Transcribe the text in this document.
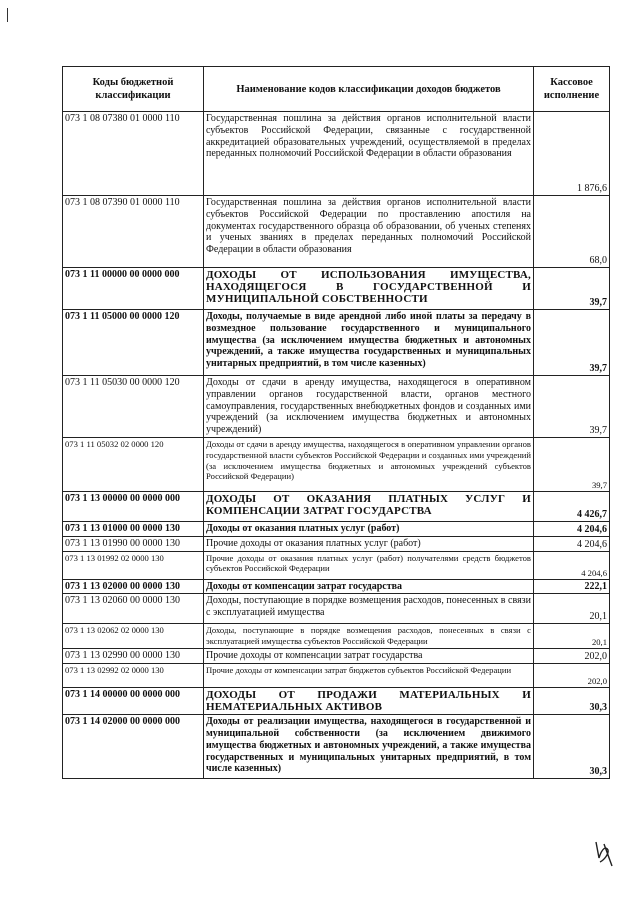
Коды бюджетной классификации	Наименование кодов классификации доходов бюджетов	Кассовое исполнение
073 1 08 07380 01 0000 110	Государственная пошлина за действия органов исполнительной власти субъектов Российской Федерации, связанные с государственной аккредитацией образовательных учреждений, осуществляемой в пределах переданных полномочий Российской Федерации в области образования	1 876,6
073 1 08 07390 01 0000 110	Государственная пошлина за действия органов исполнительной власти субъектов Российской Федерации по проставлению апостиля на документах государственного образца об образовании, об ученых степенях и ученых званиях в пределах переданных полномочий Российской Федерации в области образования	68,0
073 1 11 00000 00 0000 000	ДОХОДЫ ОТ ИСПОЛЬЗОВАНИЯ ИМУЩЕСТВА, НАХОДЯЩЕГОСЯ В ГОСУДАРСТВЕННОЙ И МУНИЦИПАЛЬНОЙ СОБСТВЕННОСТИ	39,7
073 1 11 05000 00 0000 120	Доходы, получаемые в виде арендной либо иной платы за передачу в возмездное пользование государственного и муниципального имущества (за исключением имущества бюджетных и автономных учреждений, а также имущества государственных и муниципальных унитарных предприятий, в том числе казенных)	39,7
073 1 11 05030 00 0000 120	Доходы от сдачи в аренду имущества, находящегося в оперативном управлении органов государственной власти, органов местного самоуправления, государственных внебюджетных фондов и созданных ими учреждений (за исключением имущества бюджетных и автономных учреждений)	39,7
073 1 11 05032 02 0000 120	Доходы от сдачи в аренду имущества, находящегося в оперативном управлении органов государственной власти субъектов Российской Федерации и созданных ими учреждений (за исключением имущества бюджетных и автономных учреждений субъектов Российской Федерации)	39,7
073 1 13 00000 00 0000 000	ДОХОДЫ ОТ ОКАЗАНИЯ ПЛАТНЫХ УСЛУГ И КОМПЕНСАЦИИ ЗАТРАТ ГОСУДАРСТВА	4 426,7
073 1 13 01000 00 0000 130	Доходы от оказания платных услуг (работ)	4 204,6
073 1 13 01990 00 0000 130	Прочие доходы от оказания платных услуг (работ)	4 204,6
073 1 13 01992 02 0000 130	Прочие доходы от оказания платных услуг (работ) получателями средств бюджетов субъектов Российской Федерации	4 204,6
073 1 13 02000 00 0000 130	Доходы от компенсации затрат государства	222,1
073 1 13 02060 00 0000 130	Доходы, поступающие в порядке возмещения расходов, понесенных в связи с эксплуатацией имущества	20,1
073 1 13 02062 02 0000 130	Доходы, поступающие в порядке возмещения расходов, понесенных в связи с эксплуатацией имущества субъектов Российской Федерации	20,1
073 1 13 02990 00 0000 130	Прочие доходы от компенсации затрат государства	202,0
073 1 13 02992 02 0000 130	Прочие доходы от компенсации затрат бюджетов субъектов Российской Федерации	202,0
073 1 14 00000 00 0000 000	ДОХОДЫ ОТ ПРОДАЖИ МАТЕРИАЛЬНЫХ И НЕМАТЕРИАЛЬНЫХ АКТИВОВ	30,3
073 1 14 02000 00 0000 000	Доходы от реализации имущества, находящегося в государственной и муниципальной собственности (за исключением движимого имущества бюджетных и автономных учреждений, а также имущества государственных и муниципальных унитарных предприятий, в том числе казенных)	30,3
